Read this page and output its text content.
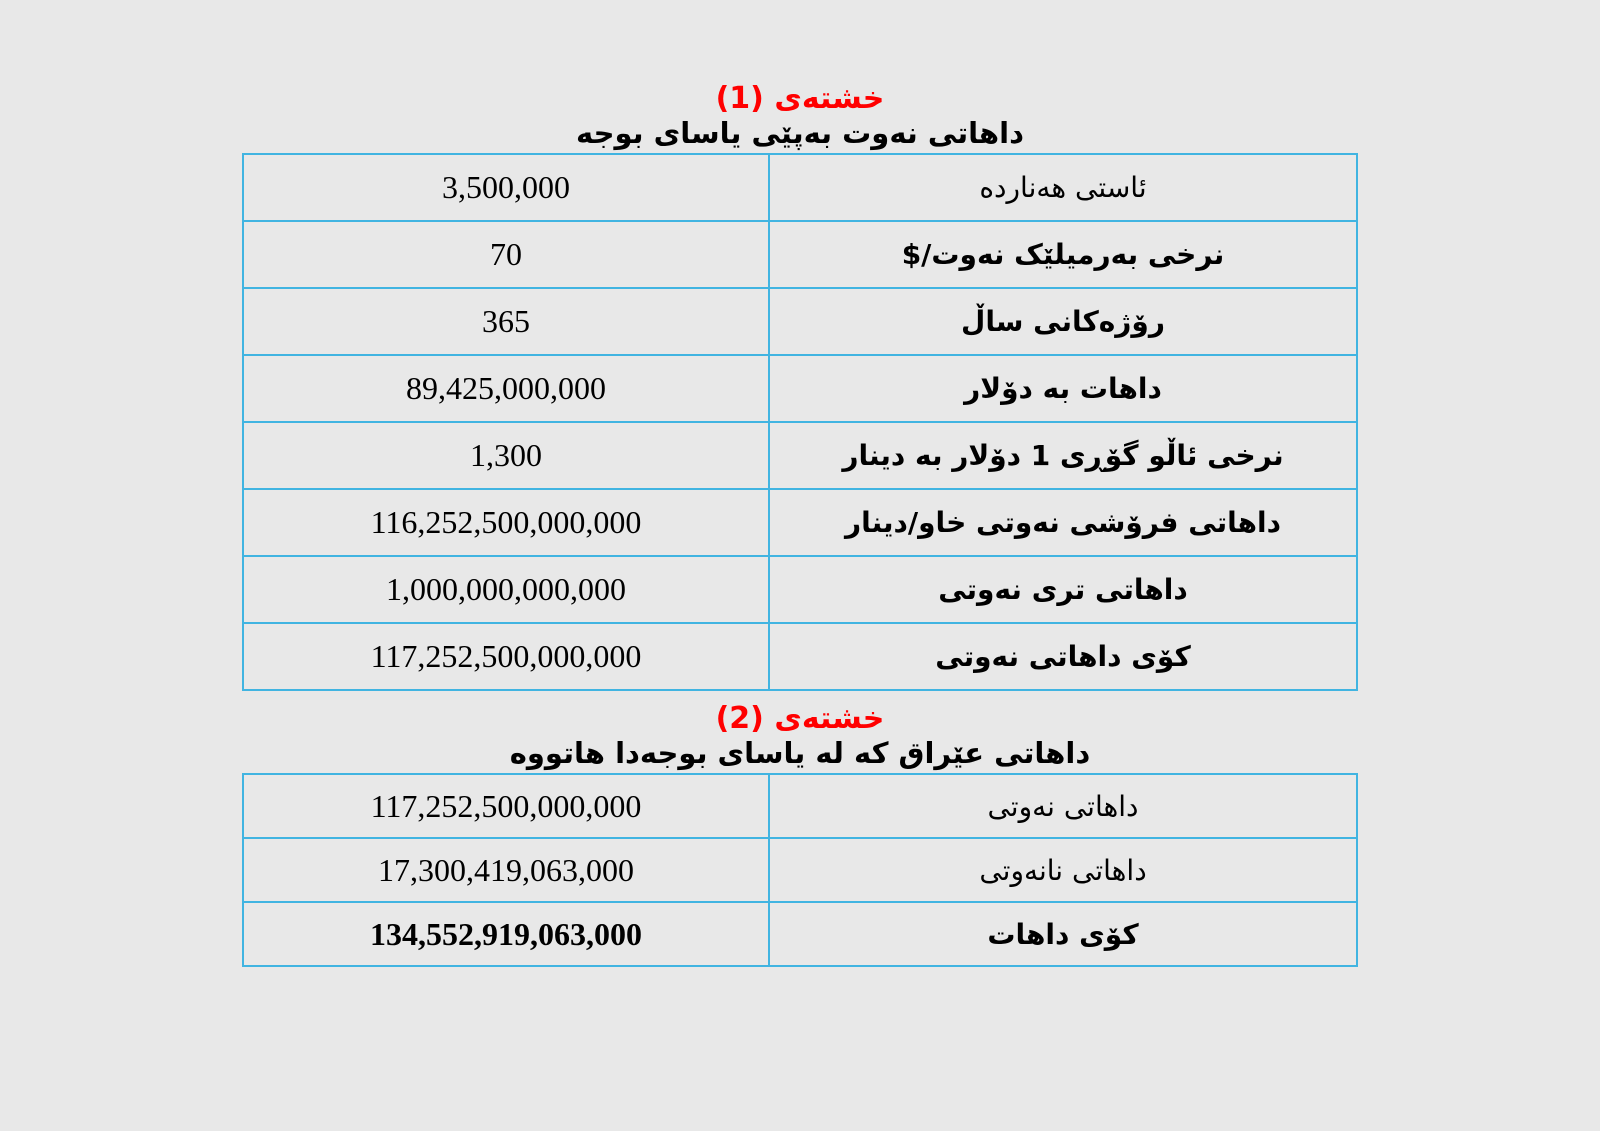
خشتەی (1)
داهاتی نەوت بەپێی یاسای بوجە
3,500,000	ئاستی هەناردە
70	نرخی بەرمیلێک نەوت/$
365	رۆژەکانی ساڵ
89,425,000,000	داهات بە دۆلار
1,300	نرخی ئاڵو گۆڕی 1 دۆلار بە دینار
116,252,500,000,000	داهاتی فرۆشی نەوتی خاو/دینار
1,000,000,000,000	داهاتی تری نەوتی
117,252,500,000,000	کۆی داهاتی نەوتی
خشتەی (2)
داهاتی عێراق کە لە یاسای بوجەدا هاتووە
117,252,500,000,000	داهاتی نەوتی
17,300,419,063,000	داهاتی نانەوتی
134,552,919,063,000	کۆی داهات
